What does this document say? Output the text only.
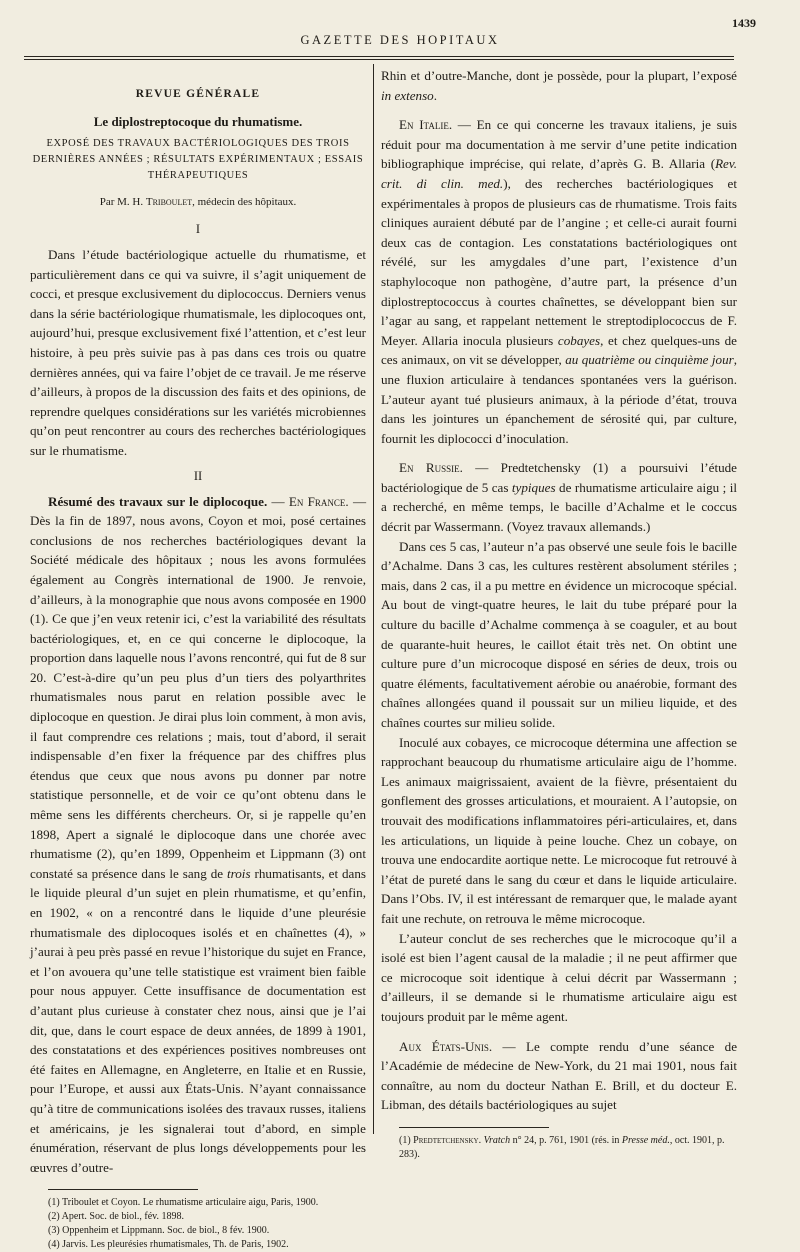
GAZETTE DES HOPITAUX
1439
REVUE GÉNÉRALE
Le diplostreptocoque du rhumatisme.
EXPOSÉ DES TRAVAUX BACTÉRIOLOGIQUES DES TROIS DERNIÈRES ANNÉES ; RÉSULTATS EXPÉRIMENTAUX ; ESSAIS THÉRAPEUTIQUES
Par M. H. Triboulet, médecin des hôpitaux.
I

Dans l’étude bactériologique actuelle du rhumatisme, et particulièrement dans ce qui va suivre, il s’agit uniquement de cocci, et presque exclusivement du diplococcus. Derniers venus dans la série bactériologique rhumatismale, les diplocoques ont, aujourd’hui, presque exclusivement fixé l’attention, et c’est leur histoire, à peu près suivie pas à pas dans ces trois ou quatre dernières années, qui va faire l’objet de ce travail. Je me réserve d’ailleurs, à propos de la discussion des faits et des opinions, de reprendre quelques considérations sur les variétés microbiennes qu’on peut rencontrer au cours des recherches bactériologiques sur le rhumatisme.

II

Résumé des travaux sur le diplocoque. — En France. — Dès la fin de 1897, nous avons, Coyon et moi, posé certaines conclusions de nos recherches bactériologiques devant la Société médicale des hôpitaux ; nous les avons formulées également au Congrès international de 1900. Je renvoie, d’ailleurs, à la monographie que nous avons composée en 1900 (1). Ce que j’en veux retenir ici, c’est la variabilité des résultats bactériologiques, et, en ce qui concerne le diplocoque, la proportion dans laquelle nous l’avons rencontré, qui fut de 8 sur 20. C’est-à-dire qu’un peu plus d’un tiers des polyarthrites rhumatismales nous parut en relation possible avec le diplocoque en question. Je dirai plus loin comment, à mon avis, il faut comprendre ces relations ; mais, tout d’abord, il serait indispensable d’en fixer la fréquence par des chiffres plus étendus que ceux que nous avons pu donner par notre statistique personnelle, et de voir ce qu’ont obtenu dans le même sens les différents chercheurs. Or, si je rappelle qu’en 1898, Apert a signalé le diplocoque dans une chorée avec rhumatisme (2), qu’en 1899, Oppenheim et Lippmann (3) ont constaté sa présence dans le sang de trois rhumatisants, et dans le liquide pleural d’un sujet en plein rhumatisme, et qu’enfin, en 1902, « on a rencontré dans le liquide d’une pleurésie rhumatismale des diplocoques isolés et en chaînettes (4), » j’aurai à peu près passé en revue l’historique du sujet en France, et l’on avouera qu’une telle statistique est vraiment bien faible pour nous appuyer. Cette insuffisance de documentation est d’autant plus curieuse à constater chez nous, ainsi que je l’ai dit, que, dans le court espace de deux années, de 1899 à 1901, des constatations et des expériences positives nombreuses ont été faites en Allemagne, en Angleterre, en Italie et en Russie, pour l’Europe, et aussi aux États-Unis. N’ayant connaissance qu’à titre de communications isolées des travaux russes, italiens et américains, je les signalerai tout d’abord, en simple énumération, réservant de plus longs développements pour les œuvres d’outre-

(1) Triboulet et Coyon. Le rhumatisme articulaire aigu, Paris, 1900.

(2) Apert. Soc. de biol., fév. 1898.

(3) Oppenheim et Lippmann. Soc. de biol., 8 fév. 1900.

(4) Jarvis. Les pleurésies rhumatismales, Th. de Paris, 1902.

Rhin et d’outre-Manche, dont je possède, pour la plupart, l’exposé in extenso.

En Italie. — En ce qui concerne les travaux italiens, je suis réduit pour ma documentation à me servir d’une petite indication bibliographique imprécise, qui relate, d’après G. B. Allaria (Rev. crit. di clin. med.), des recherches bactériologiques et expérimentales à propos de plusieurs cas de rhumatisme. Trois faits cliniques auraient débuté par de l’angine ; et celle-ci aurait fourni deux cas de contagion. Les constatations bactériologiques ont révélé, sur les amygdales d’une part, l’existence d’un staphylocoque non pathogène, d’autre part, la présence d’un diplostreptococcus à courtes chaînettes, se développant bien sur l’agar au sang, et rappelant nettement le streptodiplococcus de F. Meyer. Allaria inocula plusieurs cobayes, et chez quelques-uns de ces animaux, on vit se développer, au quatrième ou cinquième jour, une fluxion articulaire à tendances spontanées vers la guérison. L’auteur ayant tué plusieurs animaux, à la période d’état, trouva dans les jointures un épanchement de sérosité qui, par culture, fournit les diplococci d’inoculation.

En Russie. — Predtetchensky (1) a poursuivi l’étude bactériologique de 5 cas typiques de rhumatisme articulaire aigu ; il a recherché, en même temps, le bacille d’Achalme et le coccus décrit par Wassermann. (Voyez travaux allemands.)

Dans ces 5 cas, l’auteur n’a pas observé une seule fois le bacille d’Achalme. Dans 3 cas, les cultures restèrent absolument stériles ; mais, dans 2 cas, il a pu mettre en évidence un microcoque spécial. Au bout de vingt-quatre heures, le lait du tube préparé pour la culture du bacille d’Achalme commença à se coaguler, et au bout de quarante-huit heures, le caillot était très net. On obtint une culture pure d’un microcoque disposé en séries de deux, trois ou quatre éléments, facultativement aérobie ou anaérobie, formant des chaînes allongées quand il poussait sur un milieu liquide, et des chaînes courtes sur milieu solide.

Inoculé aux cobayes, ce microcoque détermina une affection se rapprochant beaucoup du rhumatisme articulaire aigu de l’homme. Les animaux maigrissaient, avaient de la fièvre, présentaient du gonflement des grosses articulations, et mouraient. A l’autopsie, on trouvait des modifications inflammatoires péri-articulaires, et, dans les articulations, un liquide à peine louche. Chez un cobaye, on trouva une endocardite aortique nette. Le microcoque fut retrouvé à l’état de pureté dans le sang du cœur et dans le liquide articulaire. Dans l’Obs. IV, il est intéressant de remarquer que, le malade ayant fait une rechute, on retrouva le même microcoque.

L’auteur conclut de ses recherches que le microcoque qu’il a isolé est bien l’agent causal de la maladie ; il ne peut affirmer que ce microcoque soit identique à celui décrit par Wassermann ; d’ailleurs, il se demande si le rhumatisme articulaire aigu est toujours produit par le même agent.

Aux États-Unis. — Le compte rendu d’une séance de l’Académie de médecine de New-York, du 21 mai 1901, nous fait connaître, au nom du docteur Nathan E. Brill, et du docteur E. Libman, des détails bactériologiques au sujet

(1) Predtetchensky. Vratch n° 24, p. 761, 1901 (rés. in Presse méd., oct. 1901, p. 283).
